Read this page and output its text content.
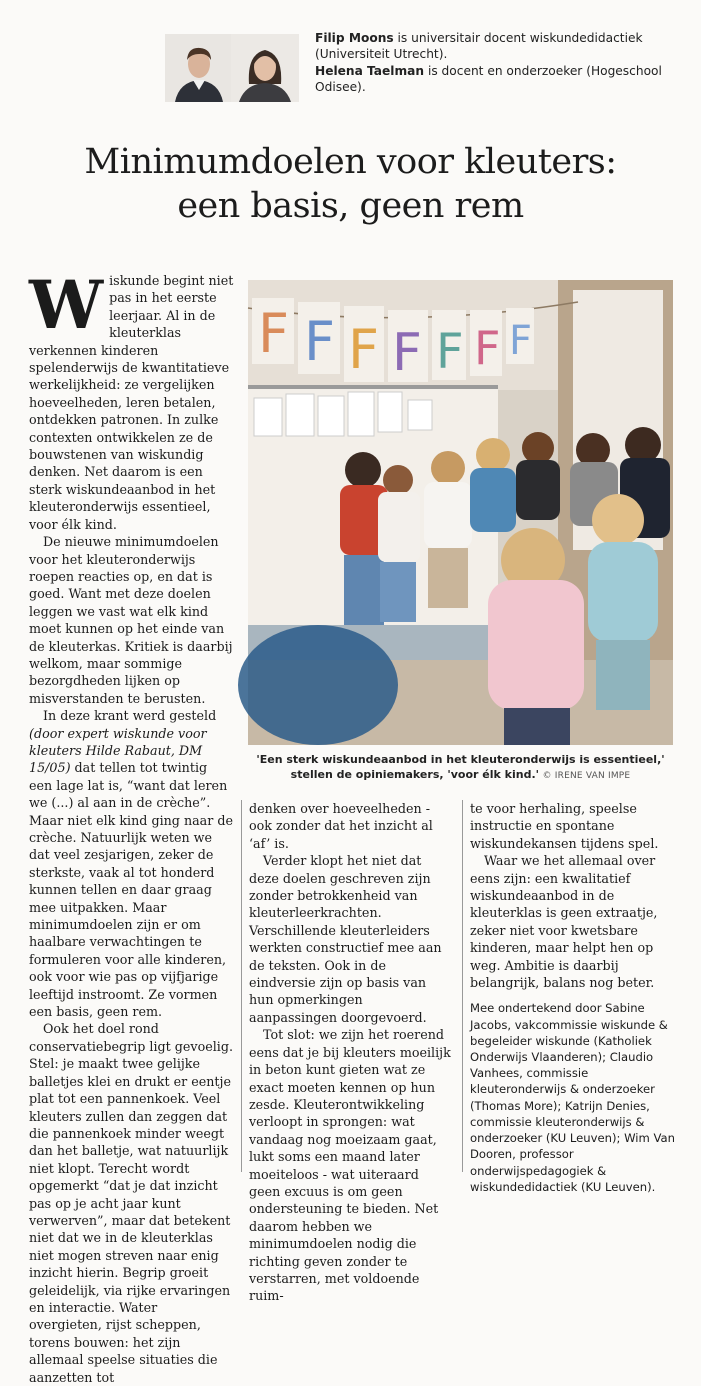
Filip Moons is universitair docent wiskundedidactiek (Universiteit Utrecht).

Helena Taelman is docent en onderzoeker (Hogeschool Odisee).

Minimumdoelen voor kleuters:
een basis, geen rem

Wiskunde begint niet pas in het eerste leerjaar. Al in de kleuterklas verkennen kinderen spelenderwijs de kwantitatieve werkelijkheid: ze vergelijken hoeveelheden, leren betalen, ontdekken patronen. In zulke contexten ontwikkelen ze de bouwstenen van wiskundig denken. Net daarom is een sterk wiskundeaanbod in het kleuteronderwijs essentieel, voor élk kind.

De nieuwe minimumdoelen voor het kleuteronderwijs roepen reacties op, en dat is goed. Want met deze doelen leggen we vast wat elk kind moet kunnen op het einde van de kleuterkas. Kritiek is daarbij welkom, maar sommige bezorgdheden lijken op misverstanden te berusten.

In deze krant werd gesteld (door expert wiskunde voor kleuters Hilde Rabaut, DM 15/05) dat tellen tot twintig een lage lat is, “want dat leren we (...) al aan in de crèche”. Maar niet elk kind ging naar de crèche. Natuurlijk weten we dat veel zesjarigen, zeker de sterkste, vaak al tot honderd kunnen tellen en daar graag mee uitpakken. Maar minimumdoelen zijn er om haalbare verwachtingen te formuleren voor alle kinderen, ook voor wie pas op vijfjarige leeftijd instroomt. Ze vormen een basis, geen rem.

Ook het doel rond conservatiebegrip ligt gevoelig. Stel: je maakt twee gelijke balletjes klei en drukt er eentje plat tot een pannenkoek. Veel kleuters zullen dan zeggen dat die pannenkoek minder weegt dan het balletje, wat natuurlijk niet klopt. Terecht wordt opgemerkt “dat je dat inzicht pas op je acht jaar kunt verwerven”, maar dat betekent niet dat we in de kleuterklas niet mogen streven naar enig inzicht hierin. Begrip groeit geleidelijk, via rijke ervaringen en interactie. Water overgieten, rijst scheppen, torens bouwen: het zijn allemaal speelse situaties die aanzetten tot

F F F F F F F
'Een sterk wiskundeaanbod in het kleuteronderwijs is essentieel,' stellen de opiniemakers, 'voor élk kind.' © IRENE VAN IMPE

denken over hoeveelheden - ook zonder dat het inzicht al ‘af’ is.

Verder klopt het niet dat deze doelen geschreven zijn zonder betrokkenheid van kleuterleerkrachten. Verschillende kleuterleiders werkten constructief mee aan de teksten. Ook in de eindversie zijn op basis van hun opmerkingen aanpassingen doorgevoerd.

Tot slot: we zijn het roerend eens dat je bij kleuters moeilijk in beton kunt gieten wat ze exact moeten kennen op hun zesde. Kleuterontwikkeling verloopt in sprongen: wat vandaag nog moeizaam gaat, lukt soms een maand later moeiteloos - wat uiteraard geen excuus is om geen ondersteuning te bieden. Net daarom hebben we minimumdoelen nodig die richting geven zonder te verstarren, met voldoende ruim-

te voor herhaling, speelse instructie en spontane wiskundekansen tijdens spel.

Waar we het allemaal over eens zijn: een kwalitatief wiskundeaanbod in de kleuterklas is geen extraatje, zeker niet voor kwetsbare kinderen, maar helpt hen op weg. Ambitie is daarbij belangrijk, balans nog beter.

Mee ondertekend door Sabine Jacobs, vakcommissie wiskunde & begeleider wiskunde (Katholiek Onderwijs Vlaanderen); Claudio Vanhees, commissie kleuteronderwijs & onderzoeker (Thomas More); Katrijn Denies, commissie kleuteronderwijs & onderzoeker (KU Leuven); Wim Van Dooren, professor onderwijspedagogiek & wiskundedidactiek (KU Leuven).
